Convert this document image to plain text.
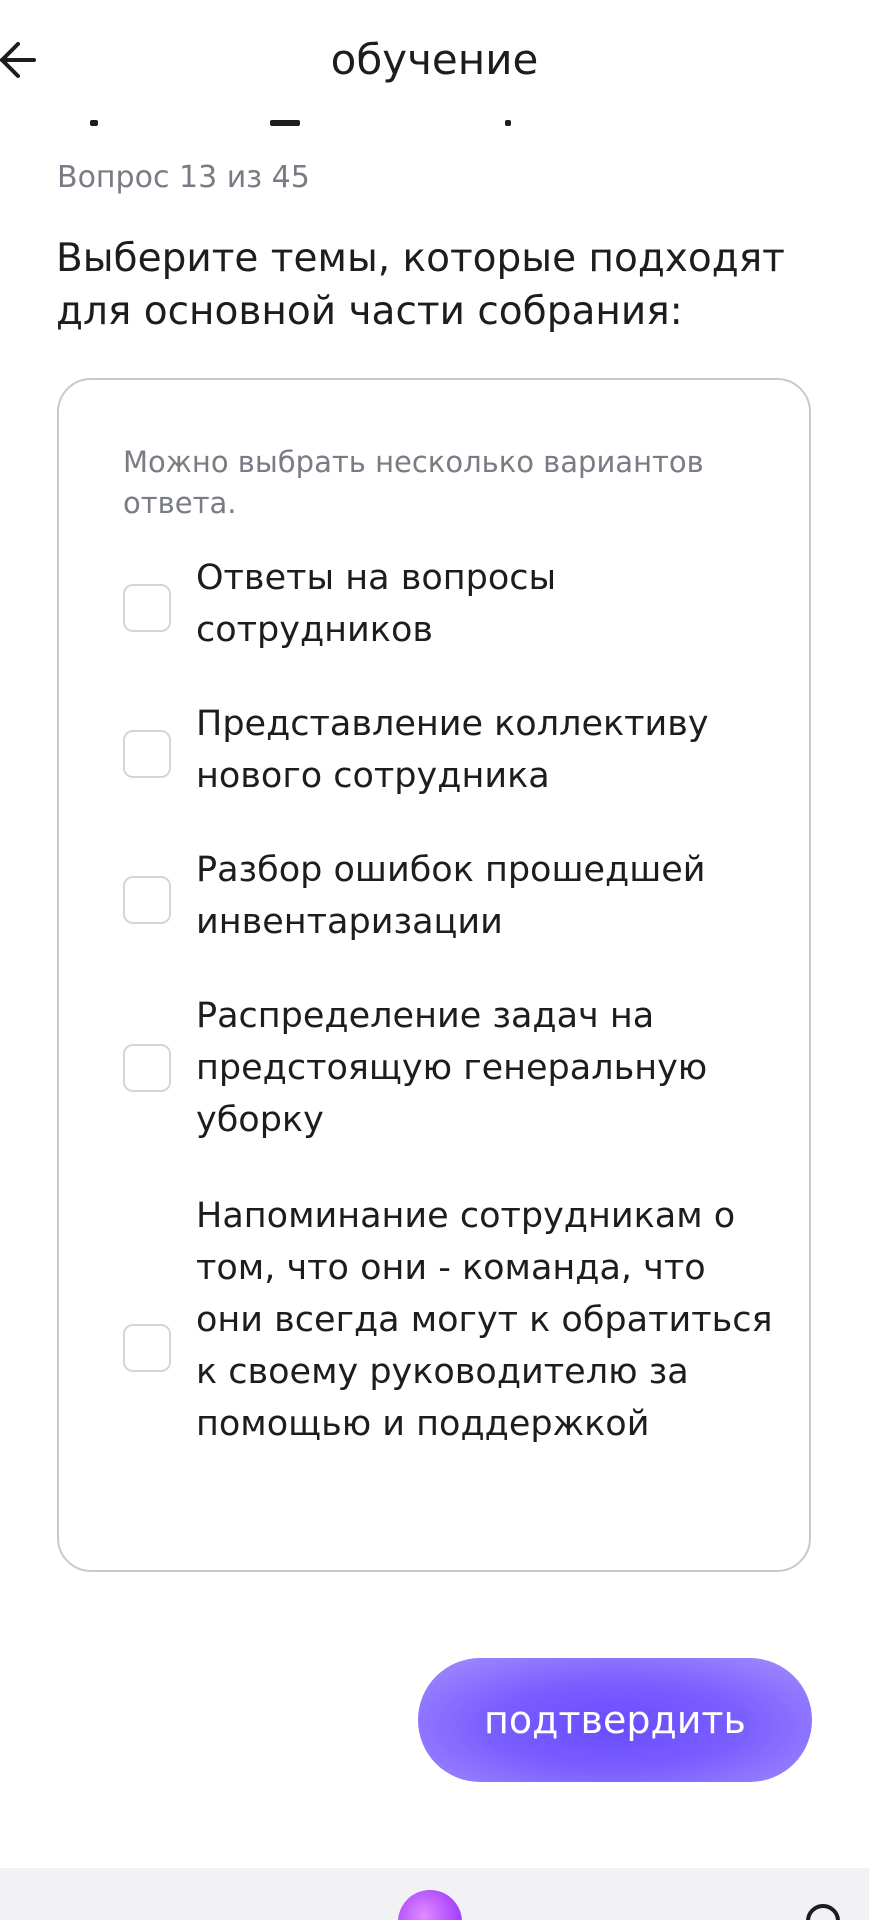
обучение
Вопрос 13 из 45
Выберите темы, которые подходят для основной части собрания:
Можно выбрать несколько вариантов ответа.
Ответы на вопросы сотрудников
Представление коллективу нового сотрудника
Разбор ошибок прошедшей инвентаризации
Распределение задач на предстоящую генеральную уборку
Напоминание сотрудникам о том, что они - команда, что они всегда могут к обратиться к своему руководителю за помощью и поддержкой
подтвердить
